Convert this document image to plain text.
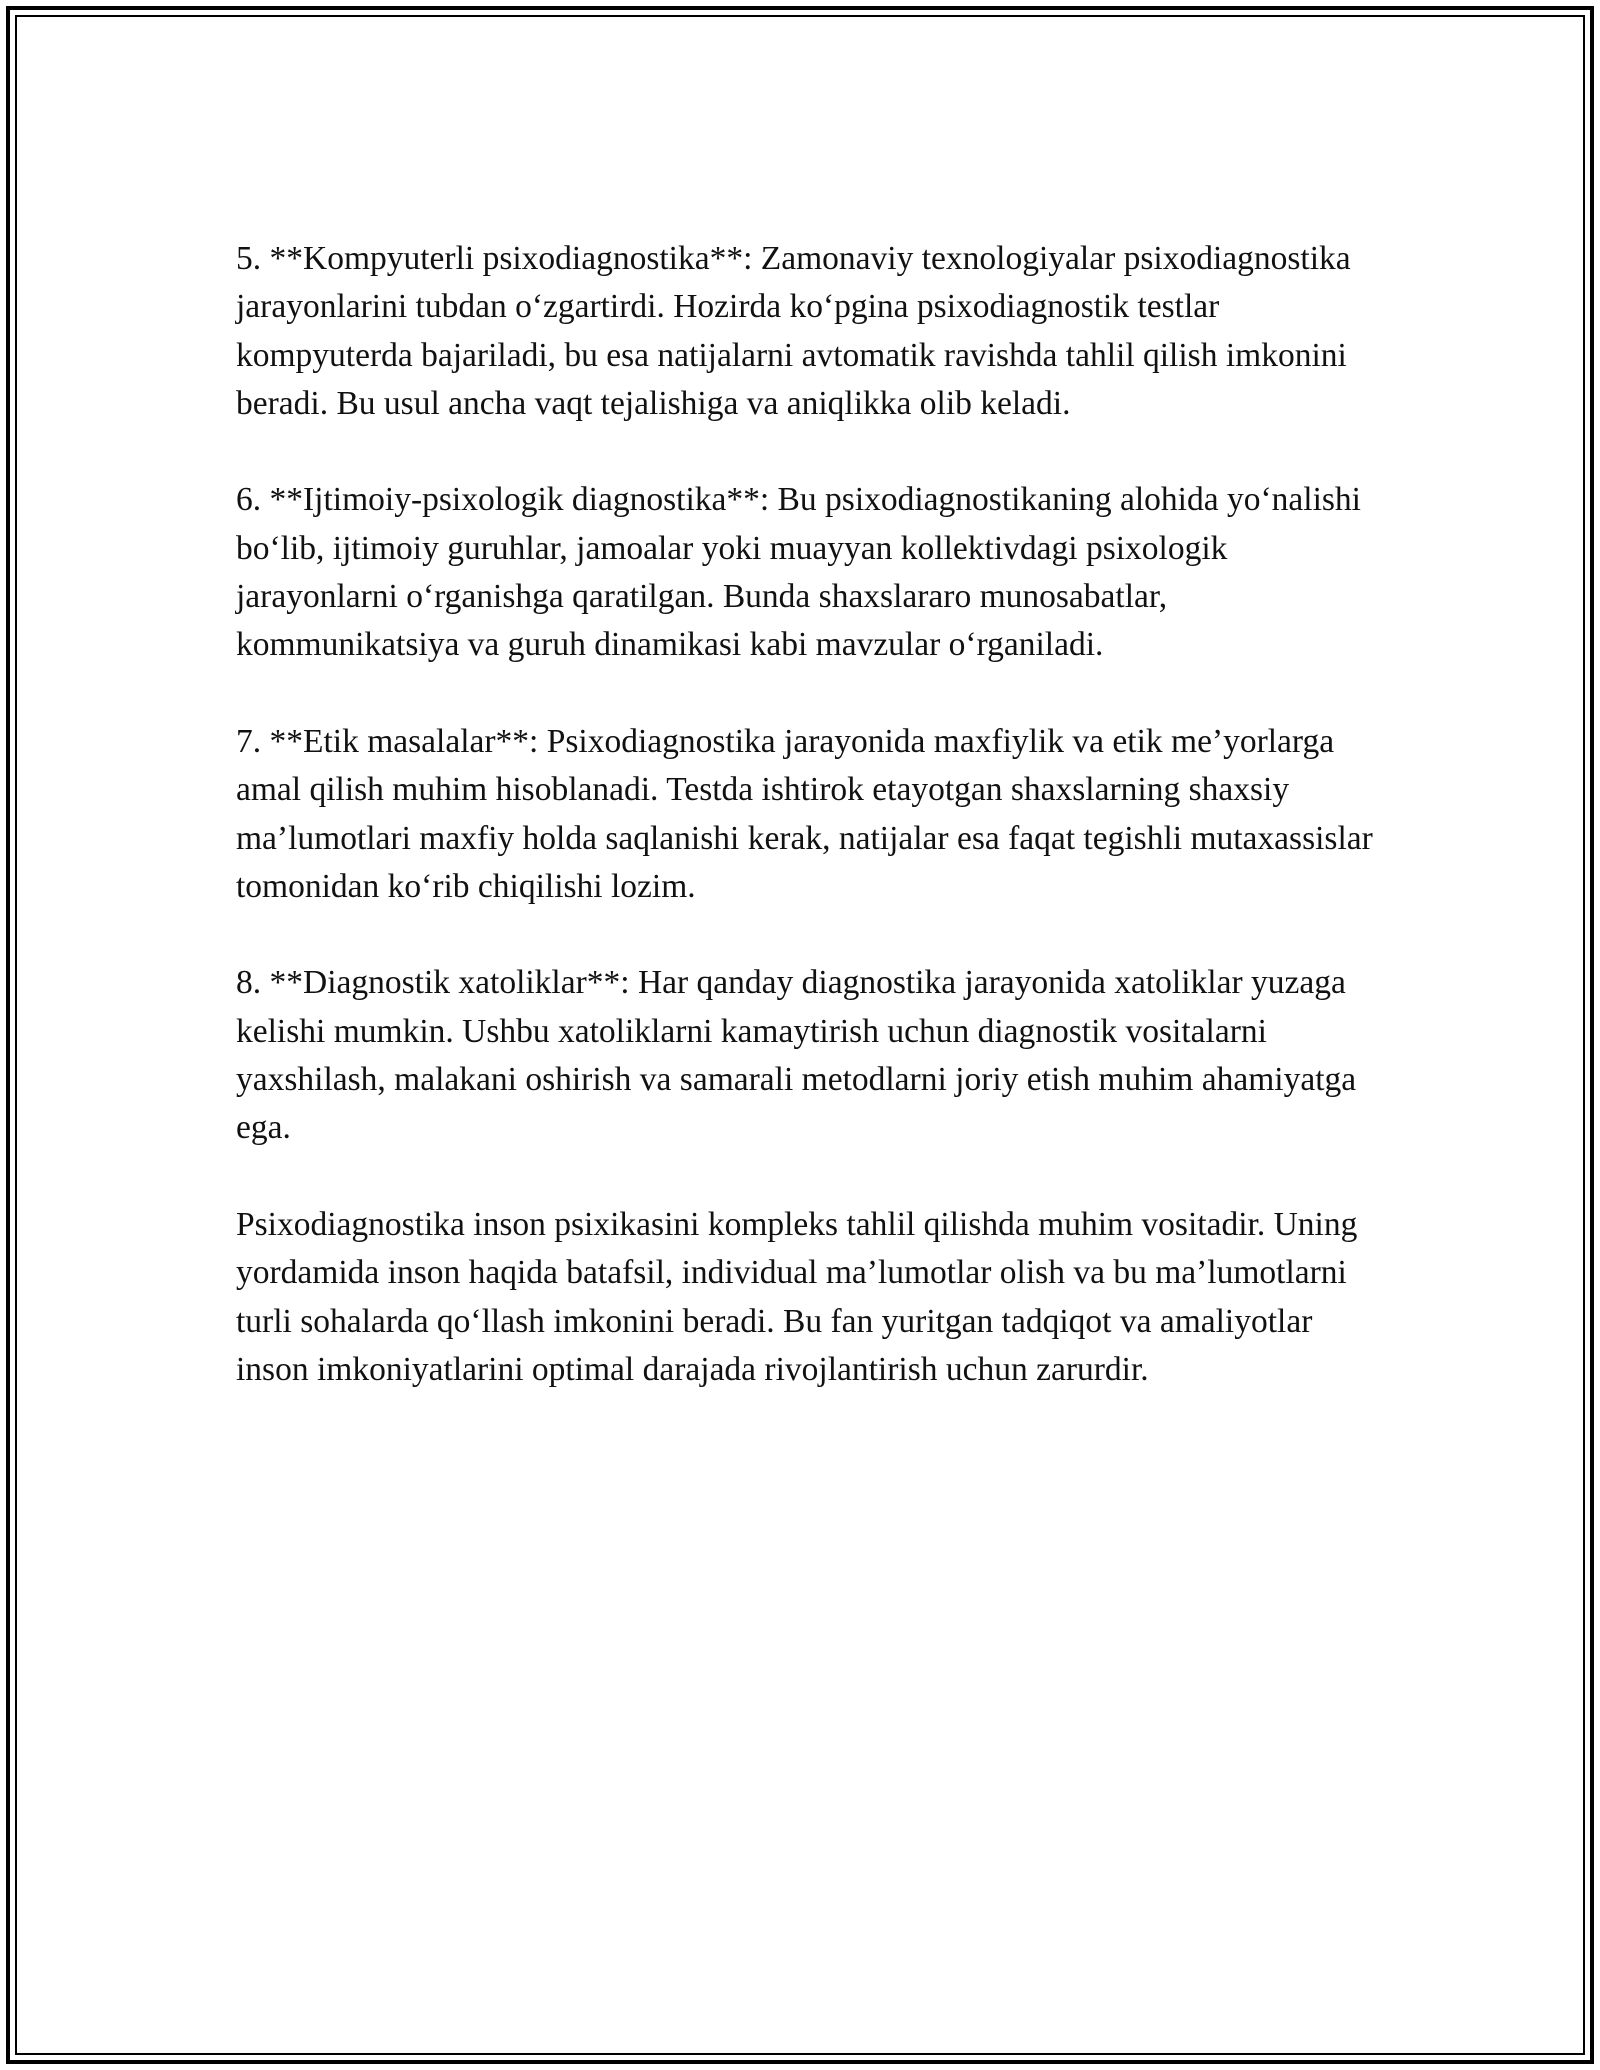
5. **Kompyuterli psixodiagnostika**: Zamonaviy texnologiyalar psixodiagnostika jarayonlarini tubdan o‘zgartirdi. Hozirda ko‘pgina psixodiagnostik testlar kompyuterda bajariladi, bu esa natijalarni avtomatik ravishda tahlil qilish imkonini beradi. Bu usul ancha vaqt tejalishiga va aniqlikka olib keladi.

6. **Ijtimoiy-psixologik diagnostika**: Bu psixodiagnostikaning alohida yo‘nalishi bo‘lib, ijtimoiy guruhlar, jamoalar yoki muayyan kollektivdagi psixologik jarayonlarni o‘rganishga qaratilgan. Bunda shaxslararo munosabatlar, kommunikatsiya va guruh dinamikasi kabi mavzular o‘rganiladi.

7. **Etik masalalar**: Psixodiagnostika jarayonida maxfiylik va etik me’yorlarga amal qilish muhim hisoblanadi. Testda ishtirok etayotgan shaxslarning shaxsiy ma’lumotlari maxfiy holda saqlanishi kerak, natijalar esa faqat tegishli mutaxassislar tomonidan ko‘rib chiqilishi lozim.

8. **Diagnostik xatoliklar**: Har qanday diagnostika jarayonida xatoliklar yuzaga kelishi mumkin. Ushbu xatoliklarni kamaytirish uchun diagnostik vositalarni yaxshilash, malakani oshirish va samarali metodlarni joriy etish muhim ahamiyatga ega.

Psixodiagnostika inson psixikasini kompleks tahlil qilishda muhim vositadir. Uning yordamida inson haqida batafsil, individual ma’lumotlar olish va bu ma’lumotlarni turli sohalarda qo‘llash imkonini beradi. Bu fan yuritgan tadqiqot va amaliyotlar inson imkoniyatlarini optimal darajada rivojlantirish uchun zarurdir.
